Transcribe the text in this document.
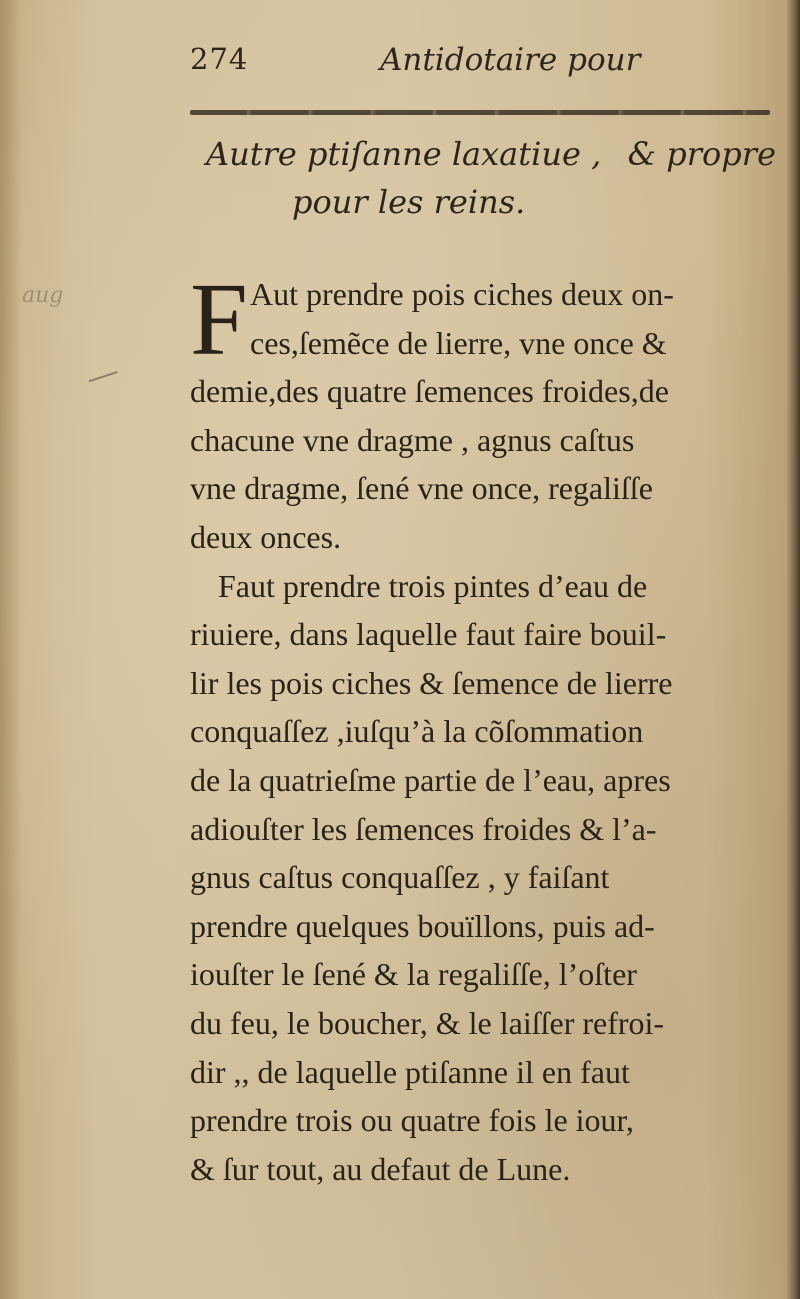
aug
274	Antidotaire pour
Autre ptiſanne laxatiue , & propre
pour les reins.
F Aut prendre pois ciches deux on-
ces,ſemẽce de lierre, vne once &
demie,des quatre ſemences froides,de
chacune vne dragme , agnus caſtus
vne dragme, ſené vne once, regaliſſe
deux onces.
Faut prendre trois pintes d’eau de
riuiere, dans laquelle faut faire bouil-
lir les pois ciches & ſemence de lierre
conquaſſez ,iuſqu’à la cõſommation
de la quatrieſme partie de l’eau, apres
adiouſter les ſemences froides & l’a-
gnus caſtus conquaſſez , y faiſant
prendre quelques bouïllons, puis ad-
iouſter le ſené & la regaliſſe, l’oſter
du feu, le boucher, & le laiſſer refroi-
dir ,, de laquelle ptiſanne il en faut
prendre trois ou quatre fois le iour,
& ſur tout, au defaut de Lune.
